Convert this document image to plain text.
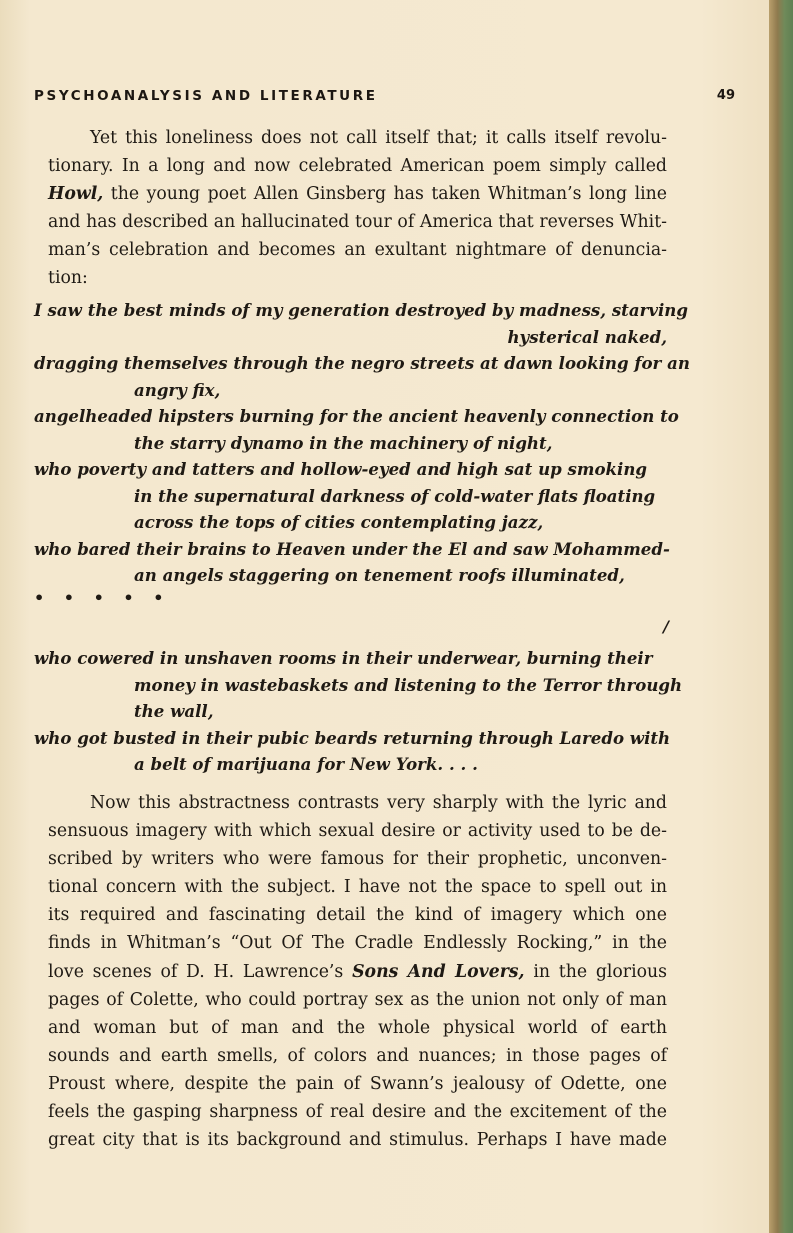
PSYCHOANALYSIS AND LITERATURE	49
Yet this loneliness does not call itself that; it calls itself revolu-
tionary. In a long and now celebrated American poem simply called
Howl, the young poet Allen Ginsberg has taken Whitman’s long line
and has described an hallucinated tour of America that reverses Whit-
man’s celebration and becomes an exultant nightmare of denuncia-
tion:
I saw the best minds of my generation destroyed by madness, starving
hysterical naked,
dragging themselves through the negro streets at dawn looking for an
angry fix,
angelheaded hipsters burning for the ancient heavenly connection to
the starry dynamo in the machinery of night,
who poverty and tatters and hollow-eyed and high sat up smoking
in the supernatural darkness of cold-water flats floating
across the tops of cities contemplating jazz,
who bared their brains to Heaven under the El and saw Mohammed-
an angels staggering on tenement roofs illuminated,
• • • • •
/
who cowered in unshaven rooms in their underwear, burning their
money in wastebaskets and listening to the Terror through
the wall,
who got busted in their pubic beards returning through Laredo with
a belt of marijuana for New York. . . .
Now this abstractness contrasts very sharply with the lyric and
sensuous imagery with which sexual desire or activity used to be de-
scribed by writers who were famous for their prophetic, unconven-
tional concern with the subject. I have not the space to spell out in
its required and fascinating detail the kind of imagery which one
finds in Whitman’s “Out Of The Cradle Endlessly Rocking,” in the
love scenes of D. H. Lawrence’s Sons And Lovers, in the glorious
pages of Colette, who could portray sex as the union not only of man
and woman but of man and the whole physical world of earth
sounds and earth smells, of colors and nuances; in those pages of
Proust where, despite the pain of Swann’s jealousy of Odette, one
feels the gasping sharpness of real desire and the excitement of the
great city that is its background and stimulus. Perhaps I have made
